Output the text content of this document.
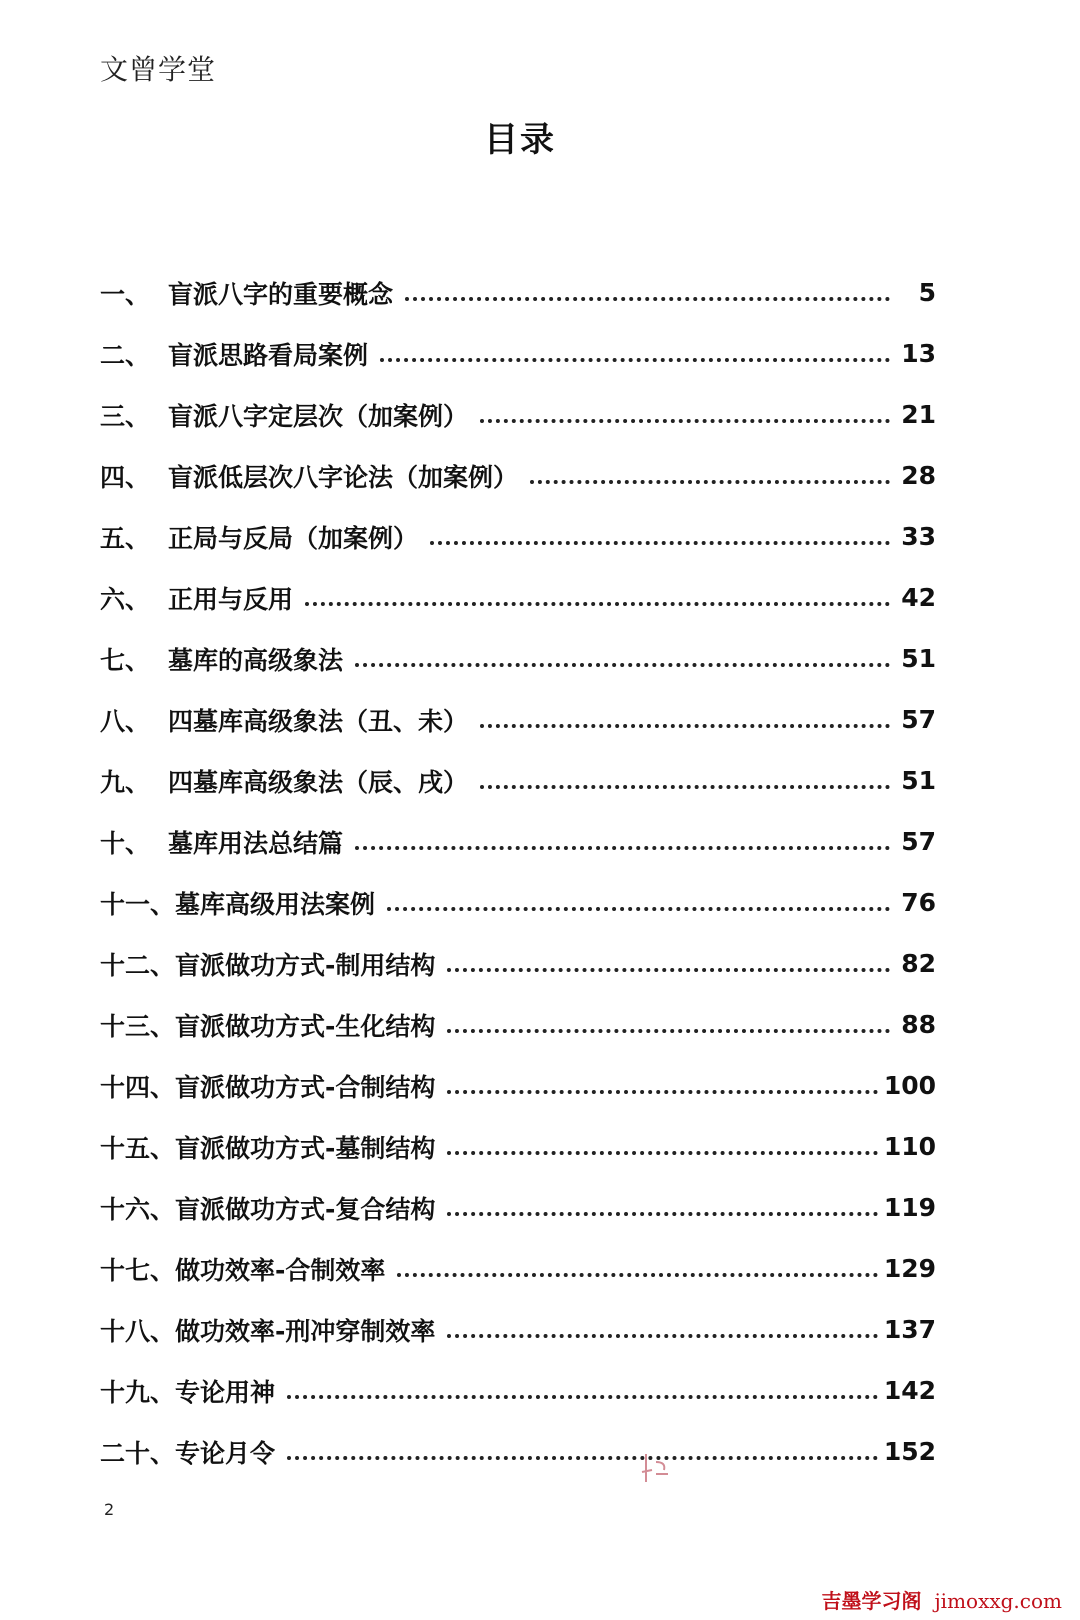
文曾学堂
目录
一、 盲派八字的重要概念	5
二、 盲派思路看局案例	13
三、 盲派八字定层次（加案例）	21
四、 盲派低层次八字论法（加案例）	28
五、 正局与反局（加案例）	33
六、 正用与反用	42
七、 墓库的高级象法	51
八、 四墓库高级象法（丑、未）	57
九、 四墓库高级象法（辰、戌）	51
十、 墓库用法总结篇	57
十一、 墓库高级用法案例	76
十二、 盲派做功方式-制用结构	82
十三、 盲派做功方式-生化结构	88
十四、 盲派做功方式-合制结构	100
十五、 盲派做功方式-墓制结构	110
十六、 盲派做功方式-复合结构	119
十七、 做功效率-合制效率	129
十八、 做功效率-刑冲穿制效率	137
十九、 专论用神	142
二十、 专论月令	152
2
吉墨学习阁 jimoxxg.com
